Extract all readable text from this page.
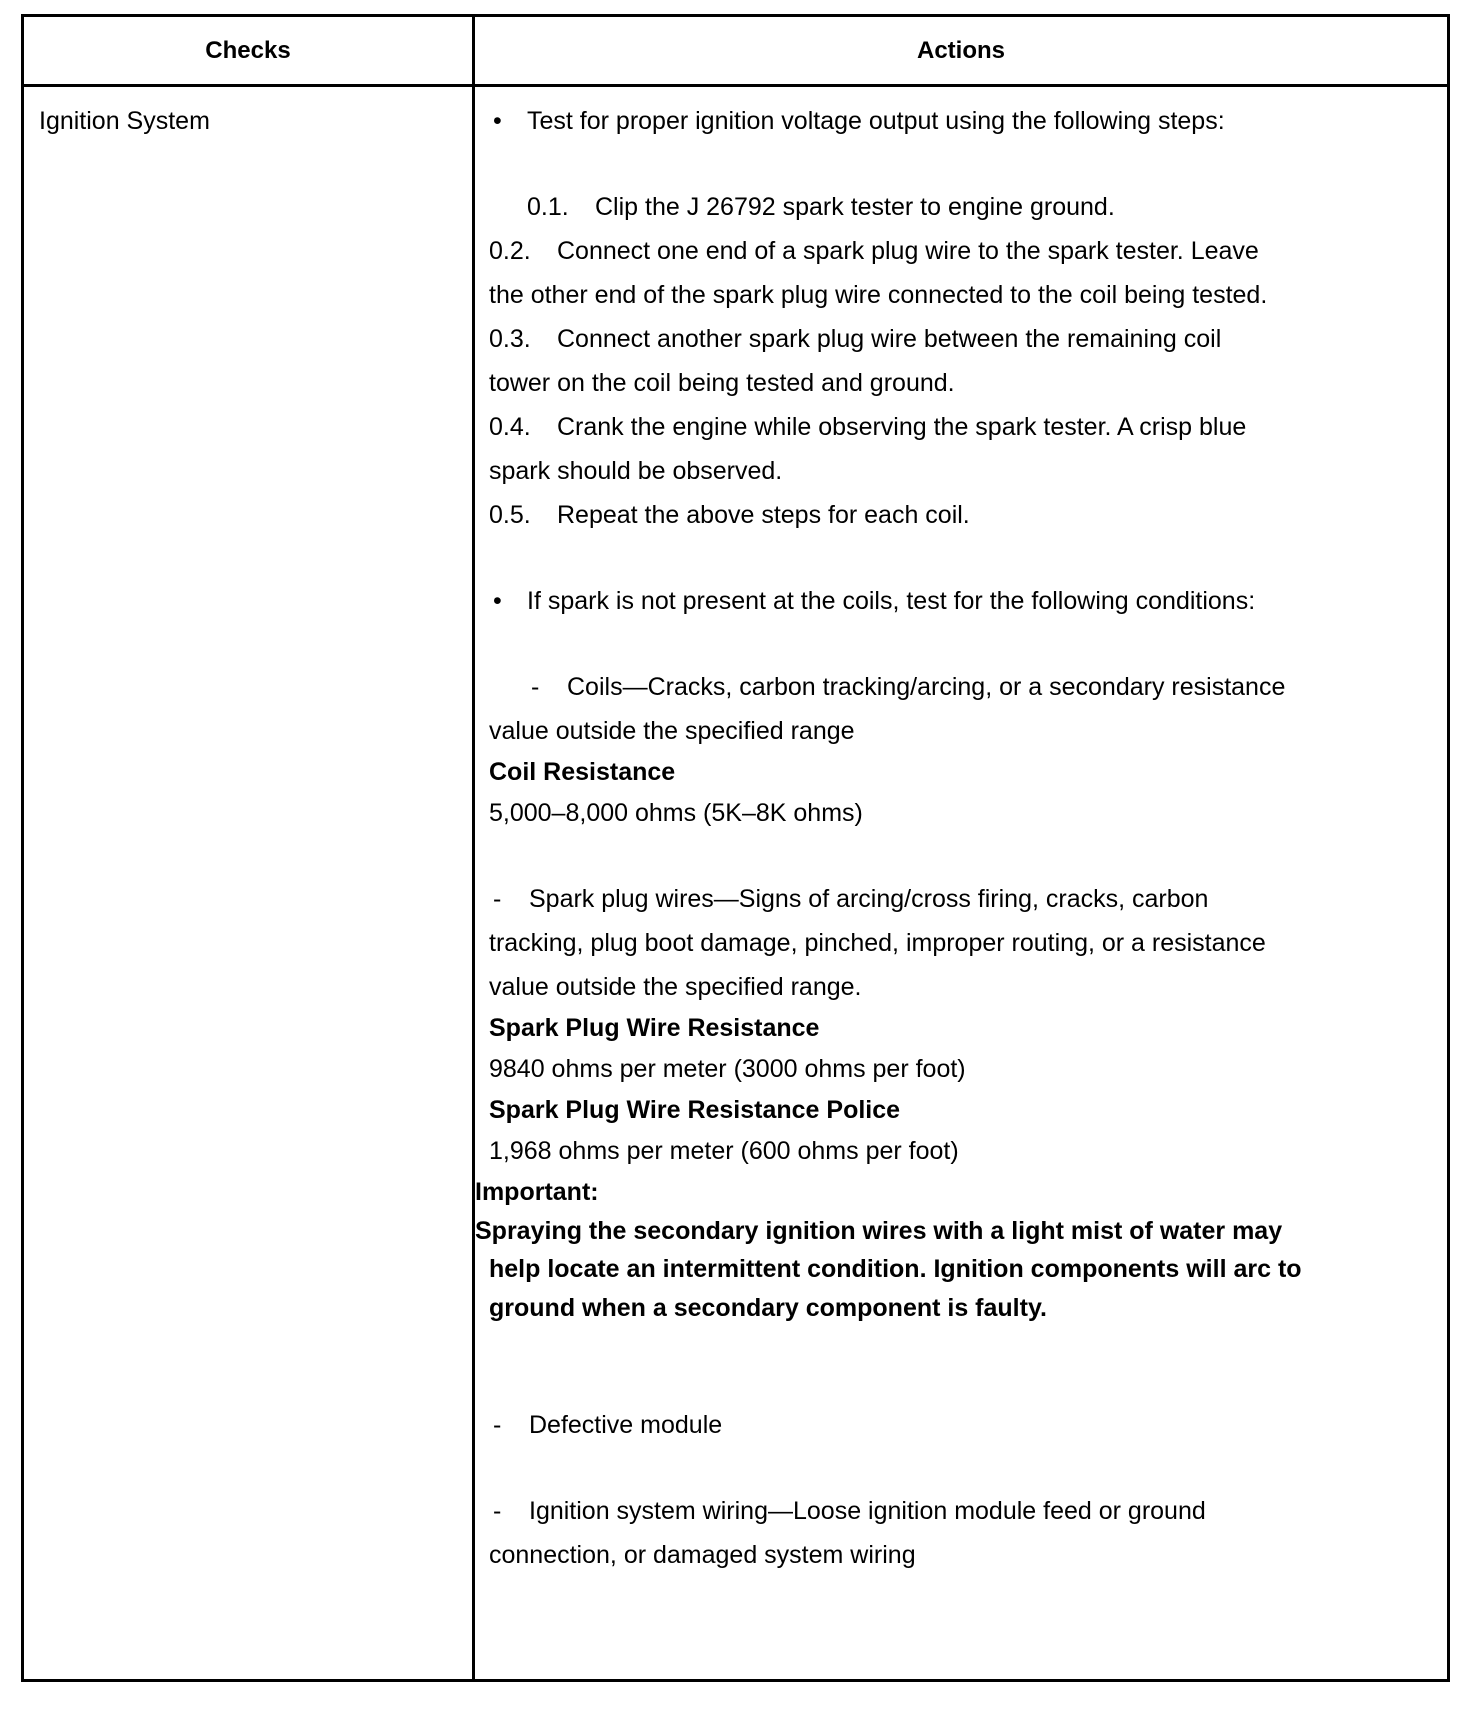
Checks	Actions
Ignition System	• Test for proper ignition voltage output using the following steps:
0.1. Clip the J 26792 spark tester to engine ground.
0.2. Connect one end of a spark plug wire to the spark tester. Leave
the other end of the spark plug wire connected to the coil being tested.
0.3. Connect another spark plug wire between the remaining coil
tower on the coil being tested and ground.
0.4. Crank the engine while observing the spark tester. A crisp blue
spark should be observed.
0.5. Repeat the above steps for each coil.
• If spark is not present at the coils, test for the following conditions:
- Coils—Cracks, carbon tracking/arcing, or a secondary resistance
value outside the specified range
Coil Resistance
5,000–8,000 ohms (5K–8K ohms)
- Spark plug wires—Signs of arcing/cross firing, cracks, carbon
tracking, plug boot damage, pinched, improper routing, or a resistance
value outside the specified range.
Spark Plug Wire Resistance
9840 ohms per meter (3000 ohms per foot)
Spark Plug Wire Resistance Police
1,968 ohms per meter (600 ohms per foot)
Important:
Spraying the secondary ignition wires with a light mist of water may
help locate an intermittent condition. Ignition components will arc to
ground when a secondary component is faulty.
- Defective module
- Ignition system wiring—Loose ignition module feed or ground
connection, or damaged system wiring
